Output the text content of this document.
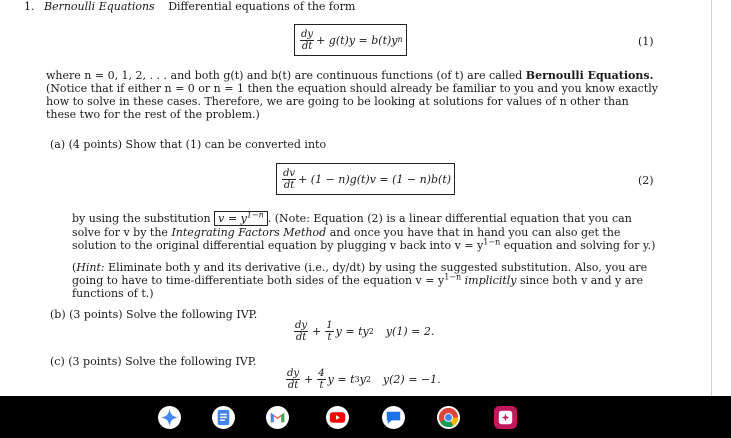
1. Bernoulli Equations Differential equations of the form
$\frac{dy}{dt} + g(t)y = b(t)y$ n	(1)
where n = 0, 1, 2, . . . and both g(t) and b(t) are continuous functions (of t) are called Bernoulli Equations. (Notice that if either n = 0 or n = 1 then the equation should already be familiar to you and you know exactly how to solve in these cases. Therefore, we are going to be looking at solutions for values of n other than these two for the rest of the problem.)
(a) (4 points) Show that (1) can be converted into
$\frac{dv}{dt} + (1 - n)g(t)v = (1 - n)b(t)$	(2)
by using the substitution $v = y^{1-n}$ . (Note: Equation (2) is a linear differential equation that you can solve for v by the Integrating Factors Method and once you have that in hand you can also get the solution to the original differential equation by plugging v back into $v = y^{1-n}$ equation and solving for y.)
(Hint: Eliminate both y and its derivative (i.e., dy/dt) by using the suggested substitution. Also, you are going to have to time-differentiate both sides of the equation $v = y^{1-n}$ implicitly since both v and y are functions of t.)
(b) (3 points) Solve the following IVP.
$\frac{dy}{dt} + \frac{1}{t}$ y = ty 2 y(1) = 2.
(c) (3 points) Solve the following IVP.
$\frac{dy}{dt} + \frac{4}{t}$ y = t 3 y 2 y(2) = −1.
